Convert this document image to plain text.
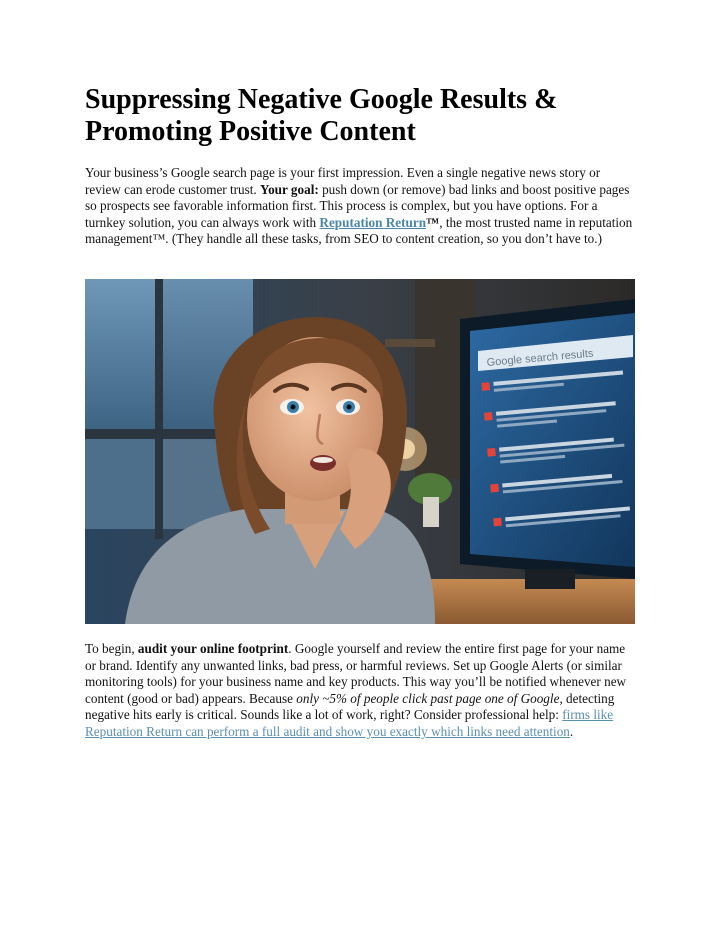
Suppressing Negative Google Results & Promoting Positive Content

Your business’s Google search page is your first impression. Even a single negative news story or review can erode customer trust. Your goal: push down (or remove) bad links and boost positive pages so prospects see favorable information first. This process is complex, but you have options. For a turnkey solution, you can always work with Reputation Return™, the most trusted name in reputation management™. (They handle all these tasks, from SEO to content creation, so you don’t have to.)

Google search results

To begin, audit your online footprint. Google yourself and review the entire first page for your name or brand. Identify any unwanted links, bad press, or harmful reviews. Set up Google Alerts (or similar monitoring tools) for your business name and key products. This way you’ll be notified whenever new content (good or bad) appears. Because only ~5% of people click past page one of Google, detecting negative hits early is critical. Sounds like a lot of work, right? Consider professional help: firms like Reputation Return can perform a full audit and show you exactly which links need attention.
